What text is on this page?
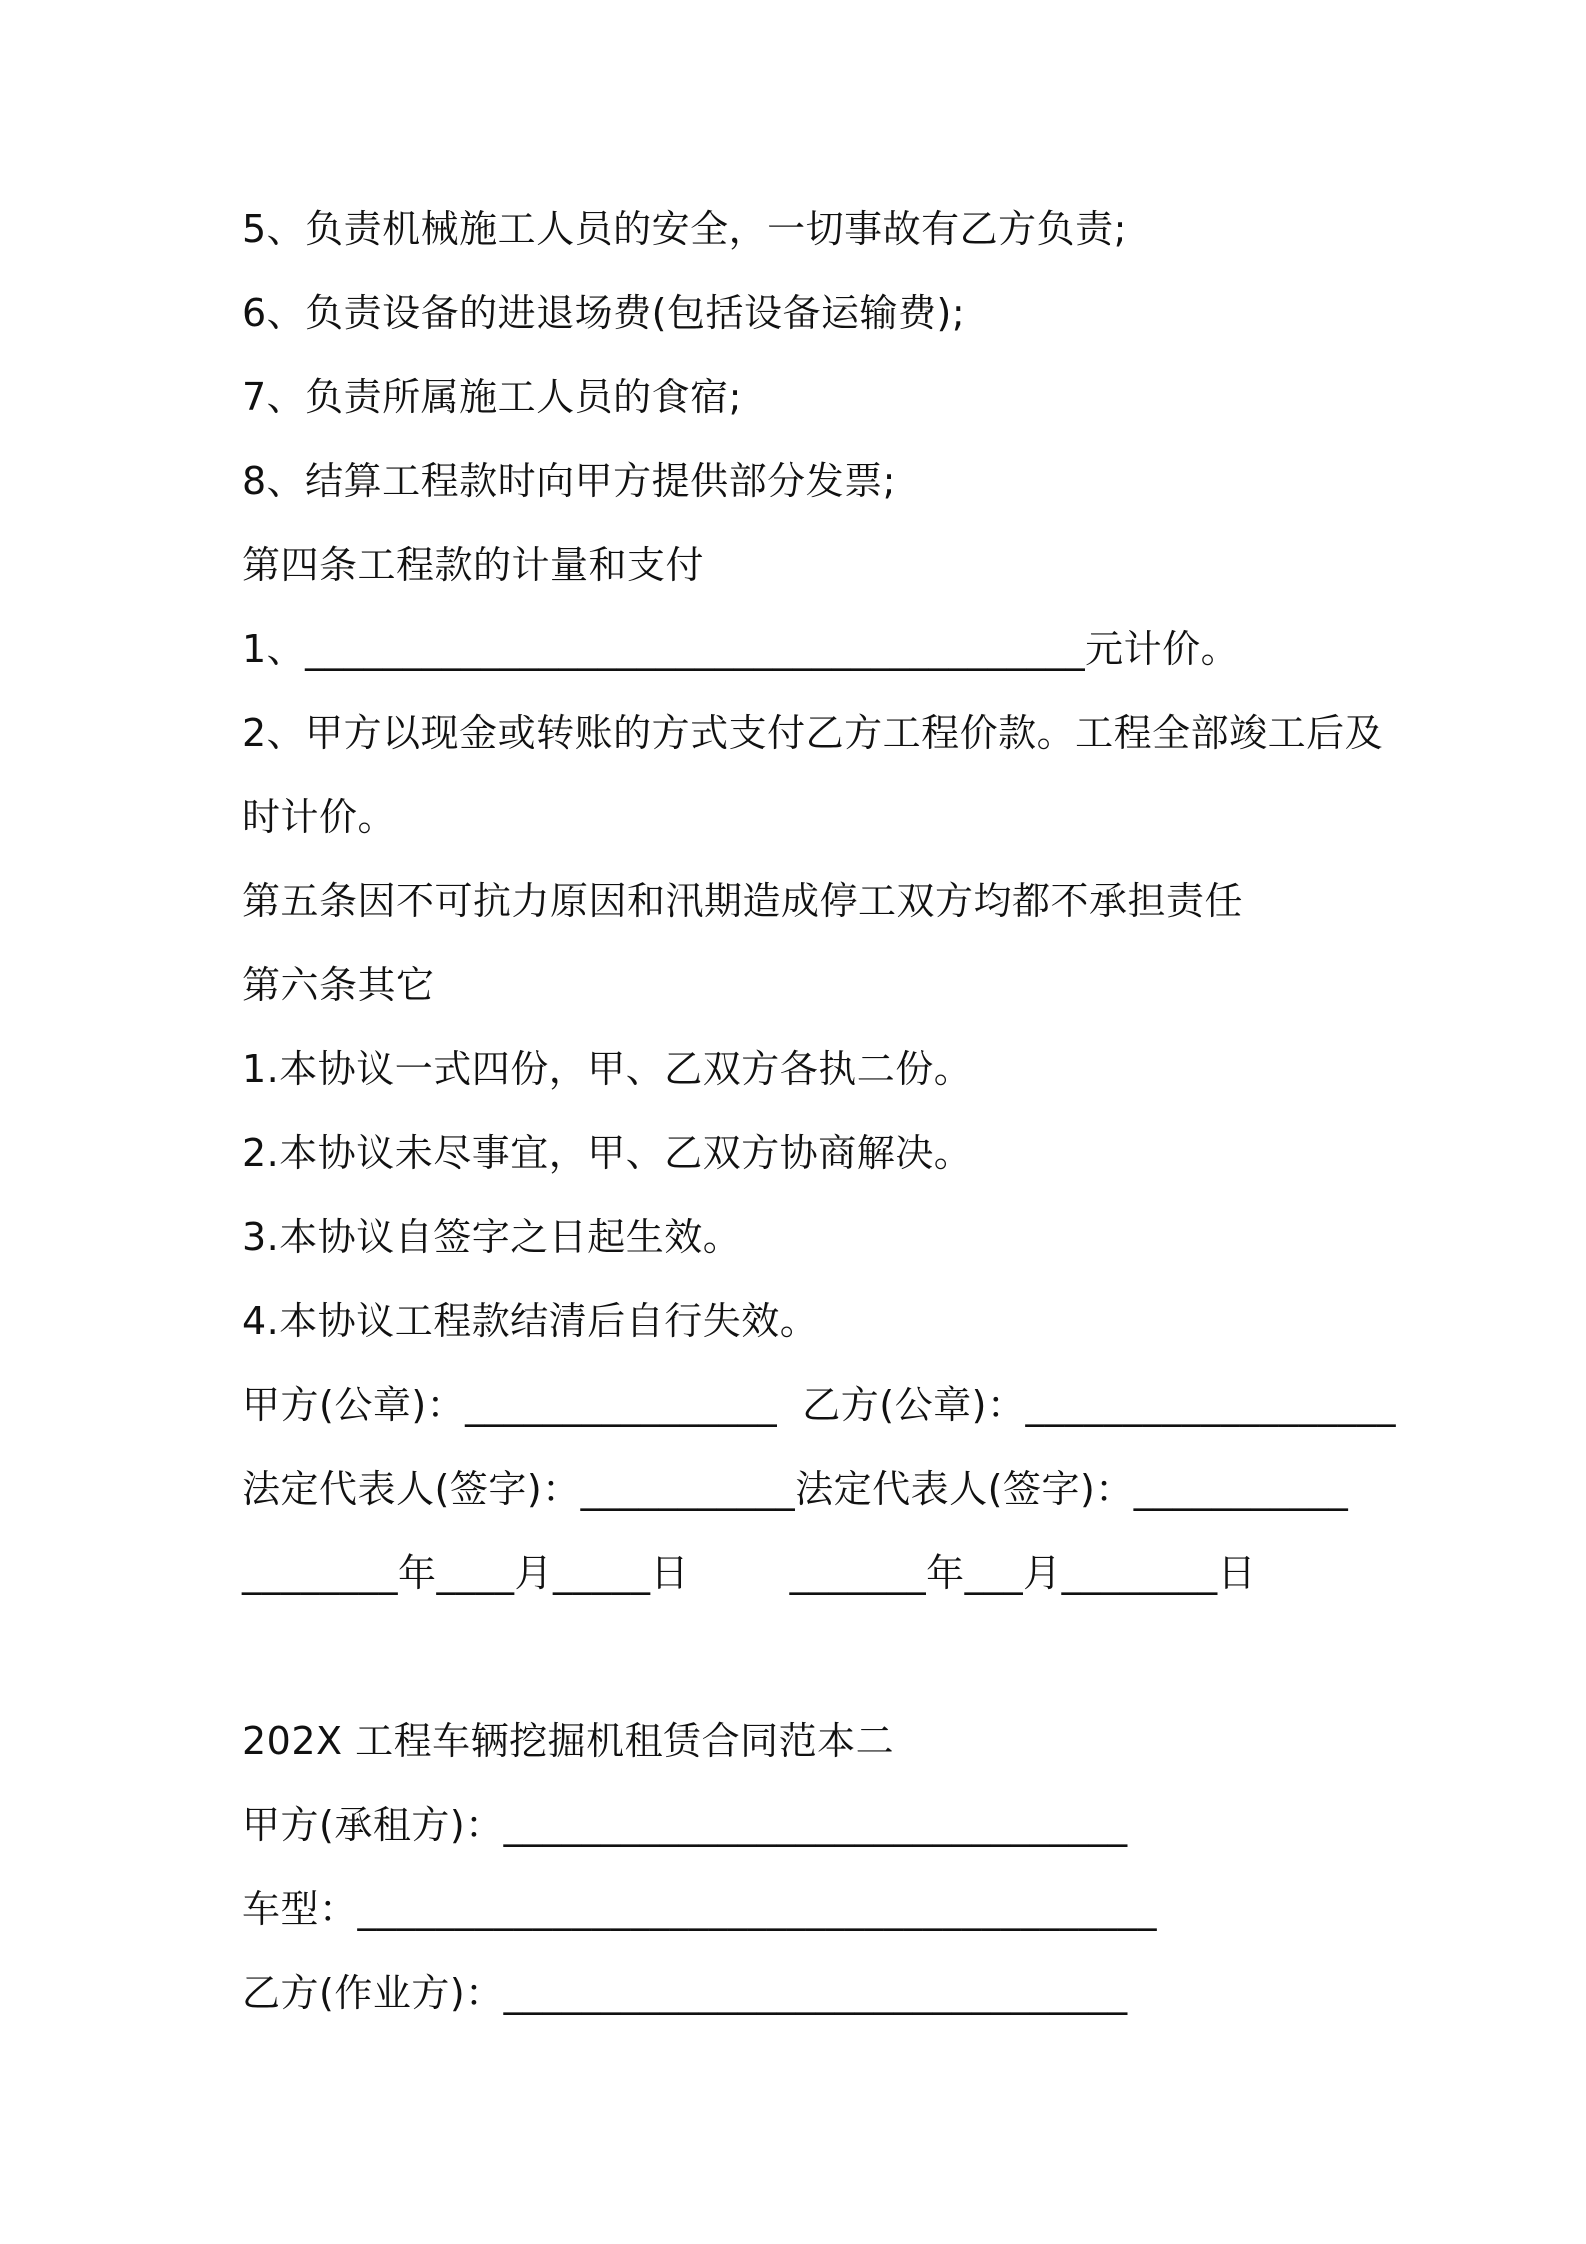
5、负责机械施工人员的安全，一切事故有乙方负责;
6、负责设备的进退场费(包括设备运输费);
7、负责所属施工人员的食宿;
8、结算工程款时向甲方提供部分发票;
第四条工程款的计量和支付
1、________________________________________元计价。
2、甲方以现金或转账的方式支付乙方工程价款。工程全部竣工后及
时计价。
第五条因不可抗力原因和汛期造成停工双方均都不承担责任
第六条其它
1.本协议一式四份，甲、乙双方各执二份。
2.本协议未尽事宜，甲、乙双方协商解决。
3.本协议自签字之日起生效。
4.本协议工程款结清后自行失效。
甲方(公章)：________________  乙方(公章)：___________________
法定代表人(签字)：___________法定代表人(签字)：___________
________年____月_____日        _______年___月________日
202X 工程车辆挖掘机租赁合同范本二
甲方(承租方)：________________________________
车型：_________________________________________
乙方(作业方)：________________________________
